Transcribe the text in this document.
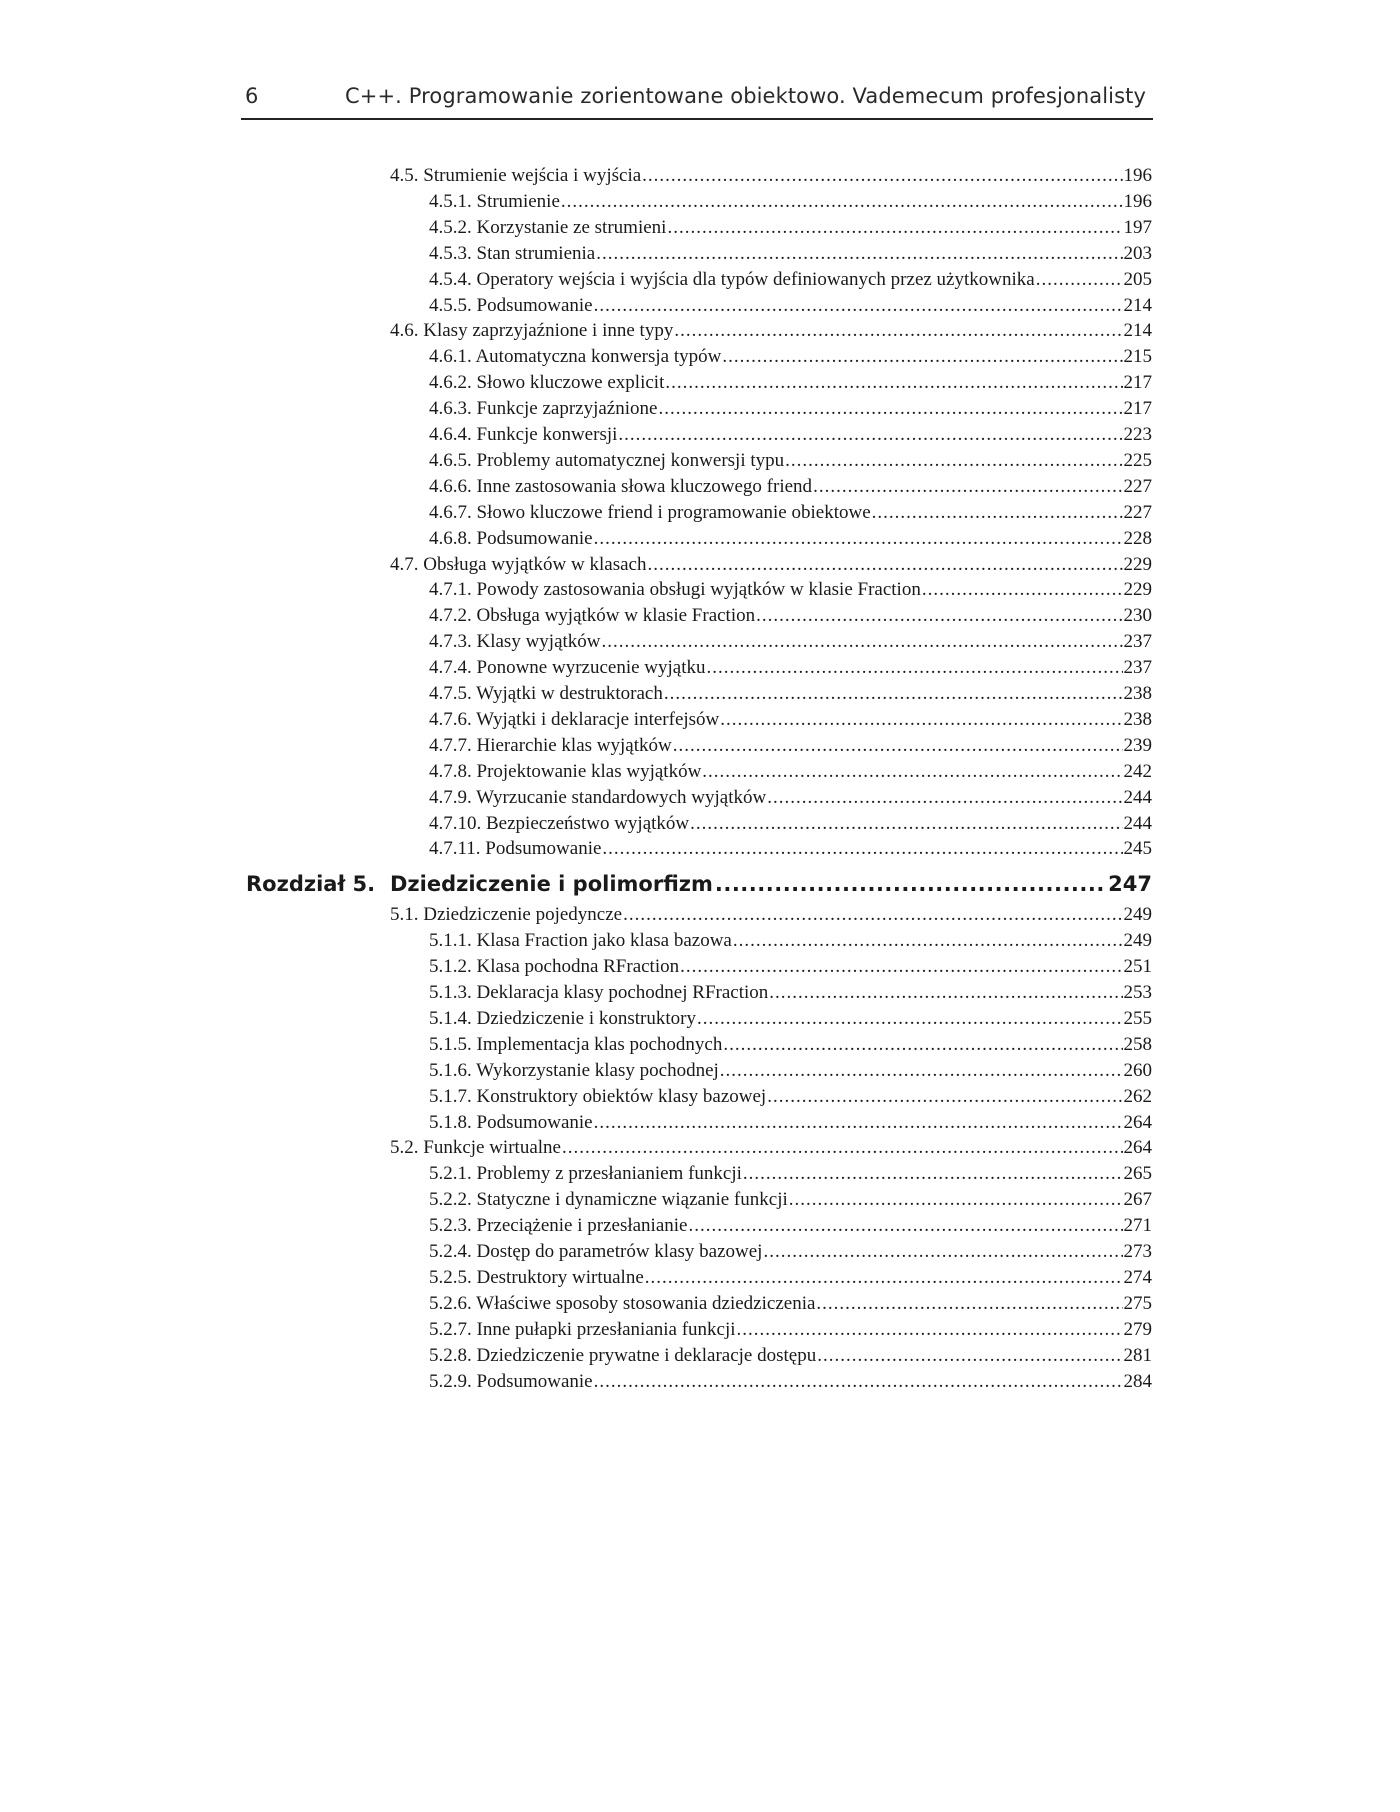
6	C++. Programowanie zorientowane obiektowo. Vademecum profesjonalisty
4.5. Strumienie wejścia i wyjścia .....	196
4.5.1. Strumienie .....	196
4.5.2. Korzystanie ze strumieni .....	197
4.5.3. Stan strumienia .....	203
4.5.4. Operatory wejścia i wyjścia dla typów definiowanych przez użytkownika .....	205
4.5.5. Podsumowanie .....	214
4.6. Klasy zaprzyjaźnione i inne typy .....	214
4.6.1. Automatyczna konwersja typów .....	215
4.6.2. Słowo kluczowe explicit .....	217
4.6.3. Funkcje zaprzyjaźnione .....	217
4.6.4. Funkcje konwersji .....	223
4.6.5. Problemy automatycznej konwersji typu .....	225
4.6.6. Inne zastosowania słowa kluczowego friend .....	227
4.6.7. Słowo kluczowe friend i programowanie obiektowe .....	227
4.6.8. Podsumowanie .....	228
4.7. Obsługa wyjątków w klasach .....	229
4.7.1. Powody zastosowania obsługi wyjątków w klasie Fraction .....	229
4.7.2. Obsługa wyjątków w klasie Fraction .....	230
4.7.3. Klasy wyjątków .....	237
4.7.4. Ponowne wyrzucenie wyjątku .....	237
4.7.5. Wyjątki w destruktorach .....	238
4.7.6. Wyjątki i deklaracje interfejsów .....	238
4.7.7. Hierarchie klas wyjątków .....	239
4.7.8. Projektowanie klas wyjątków .....	242
4.7.9. Wyrzucanie standardowych wyjątków .....	244
4.7.10. Bezpieczeństwo wyjątków .....	244
4.7.11. Podsumowanie .....	245
Rozdział 5. Dziedziczenie i polimorfizm .....	247
5.1. Dziedziczenie pojedyncze .....	249
5.1.1. Klasa Fraction jako klasa bazowa .....	249
5.1.2. Klasa pochodna RFraction .....	251
5.1.3. Deklaracja klasy pochodnej RFraction .....	253
5.1.4. Dziedziczenie i konstruktory .....	255
5.1.5. Implementacja klas pochodnych .....	258
5.1.6. Wykorzystanie klasy pochodnej .....	260
5.1.7. Konstruktory obiektów klasy bazowej .....	262
5.1.8. Podsumowanie .....	264
5.2. Funkcje wirtualne .....	264
5.2.1. Problemy z przesłanianiem funkcji .....	265
5.2.2. Statyczne i dynamiczne wiązanie funkcji .....	267
5.2.3. Przeciążenie i przesłanianie .....	271
5.2.4. Dostęp do parametrów klasy bazowej .....	273
5.2.5. Destruktory wirtualne .....	274
5.2.6. Właściwe sposoby stosowania dziedziczenia .....	275
5.2.7. Inne pułapki przesłaniania funkcji .....	279
5.2.8. Dziedziczenie prywatne i deklaracje dostępu .....	281
5.2.9. Podsumowanie .....	284
